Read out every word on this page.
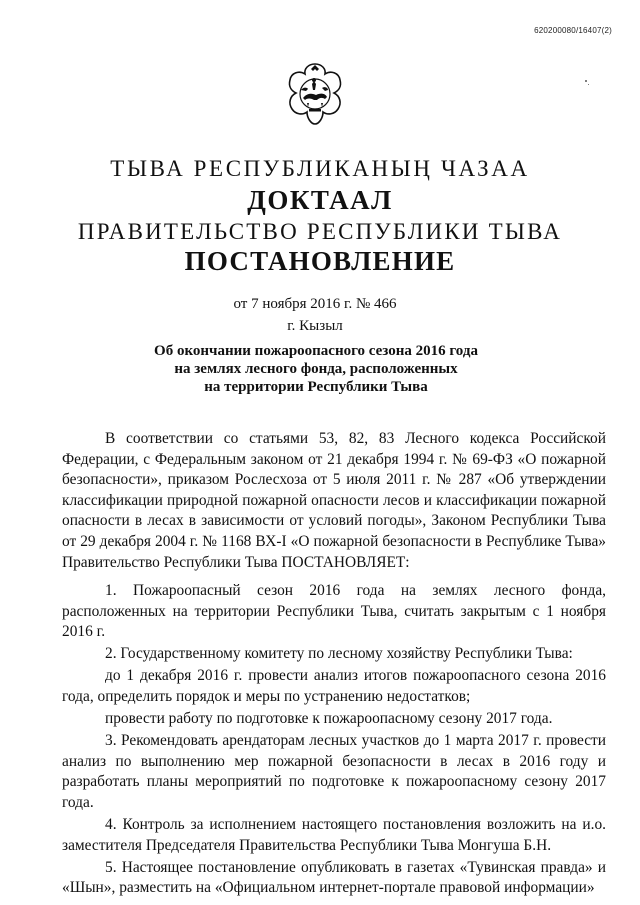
620200080/16407(2)
ТЫВА РЕСПУБЛИКАНЫҢ ЧАЗАА
ДОКТААЛ
ПРАВИТЕЛЬСТВО РЕСПУБЛИКИ ТЫВА
ПОСТАНОВЛЕНИЕ
от 7 ноября 2016 г. № 466
г. Кызыл
Об окончании пожароопасного сезона 2016 года
на землях лесного фонда, расположенных
на территории Республики Тыва

В соответствии со статьями 53, 82, 83 Лесного кодекса Российской Федерации, с Федеральным законом от 21 декабря 1994 г. № 69-ФЗ «О пожарной безопасности», приказом Рослесхоза от 5 июля 2011 г. № 287 «Об утверждении классификации природной пожарной опасности лесов и классификации пожарной опасности в лесах в зависимости от условий погоды», Законом Республики Тыва от 29 декабря 2004 г. № 1168 ВХ-I «О пожарной безопасности в Республике Тыва» Правительство Республики Тыва ПОСТАНОВЛЯЕТ:

1. Пожароопасный сезон 2016 года на землях лесного фонда, расположенных на территории Республики Тыва, считать закрытым с 1 ноября 2016 г.

2. Государственному комитету по лесному хозяйству Республики Тыва:

до 1 декабря 2016 г. провести анализ итогов пожароопасного сезона 2016 года, определить порядок и меры по устранению недостатков;

провести работу по подготовке к пожароопасному сезону 2017 года.

3. Рекомендовать арендаторам лесных участков до 1 марта 2017 г. провести анализ по выполнению мер пожарной безопасности в лесах в 2016 году и разработать планы мероприятий по подготовке к пожароопасному сезону 2017 года.

4. Контроль за исполнением настоящего постановления возложить на и.о. заместителя Председателя Правительства Республики Тыва Монгуша Б.Н.

5. Настоящее постановление опубликовать в газетах «Тувинская правда» и «Шын», разместить на «Официальном интернет-портале правовой информации»
